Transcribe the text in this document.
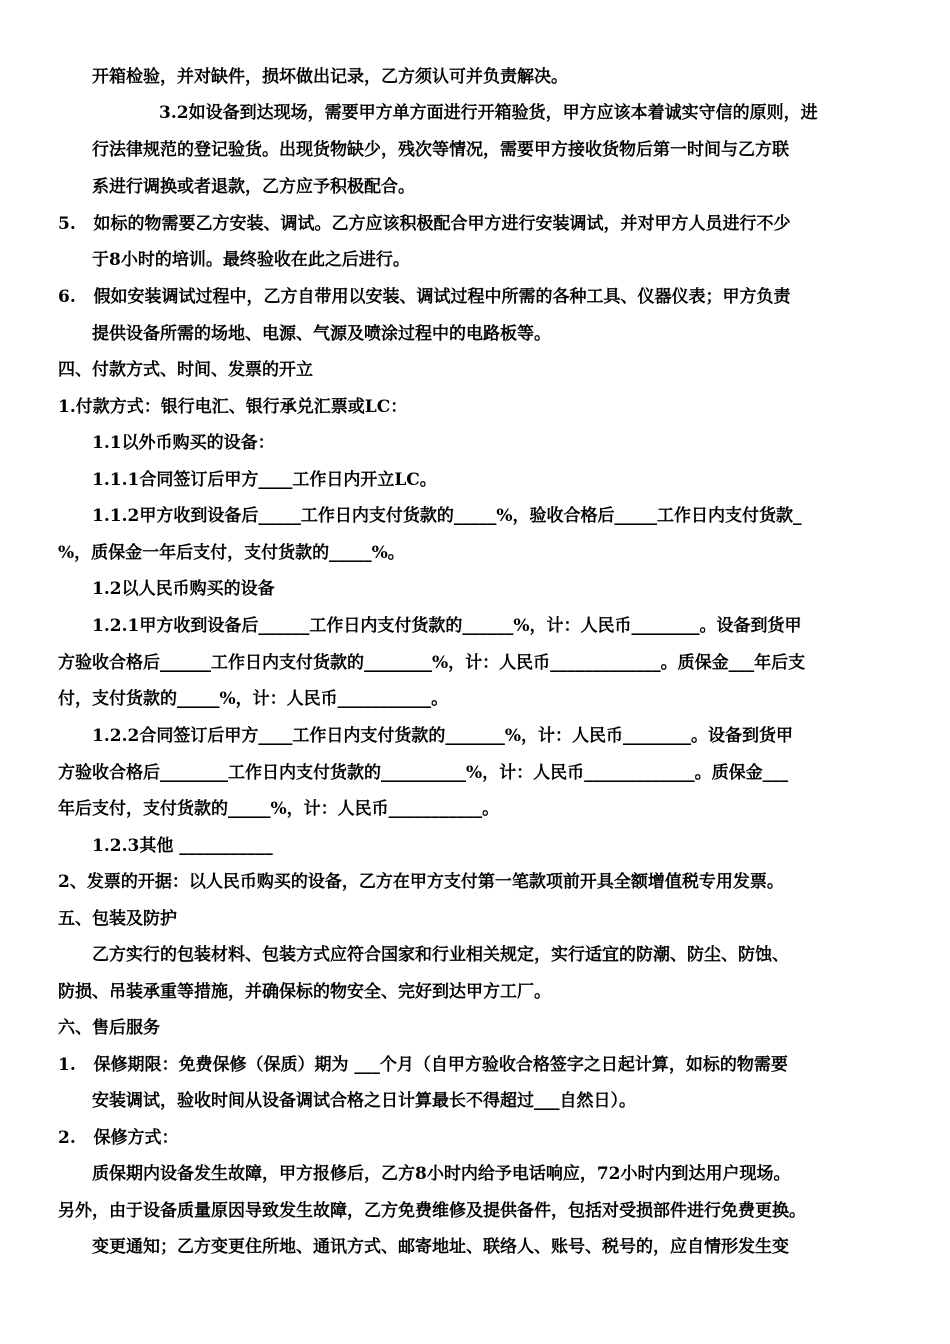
开箱检验，并对缺件，损坏做出记录，乙方须认可并负责解决。
3.2如设备到达现场，需要甲方单方面进行开箱验货，甲方应该本着诚实守信的原则，进
行法律规范的登记验货。出现货物缺少，残次等情况，需要甲方接收货物后第一时间与乙方联
系进行调换或者退款，乙方应予积极配合。
5.   如标的物需要乙方安装、调试。乙方应该积极配合甲方进行安装调试，并对甲方人员进行不少
于8小时的培训。最终验收在此之后进行。
6.   假如安装调试过程中，乙方自带用以安装、调试过程中所需的各种工具、仪器仪表；甲方负责
提供设备所需的场地、电源、气源及喷涂过程中的电路板等。
四、付款方式、时间、发票的开立
1.付款方式：银行电汇、银行承兑汇票或LC：
1.1以外币购买的设备：
1.1.1合同签订后甲方____工作日内开立LC。
1.1.2甲方收到设备后_____工作日内支付货款的_____%，验收合格后_____工作日内支付货款_
%，质保金一年后支付，支付货款的_____%。
1.2以人民币购买的设备
1.2.1甲方收到设备后______工作日内支付货款的______%，计：人民币________。设备到货甲
方验收合格后______工作日内支付货款的________%，计：人民币_____________。质保金___年后支
付，支付货款的_____%，计：人民币___________。
1.2.2合同签订后甲方____工作日内支付货款的_______%，计：人民币________。设备到货甲
方验收合格后________工作日内支付货款的__________%，计：人民币_____________。质保金___
年后支付，支付货款的_____%，计：人民币___________。
1.2.3其他 ___________
2、发票的开据：以人民币购买的设备，乙方在甲方支付第一笔款项前开具全额增值税专用发票。
五、包装及防护
乙方实行的包装材料、包装方式应符合国家和行业相关规定，实行适宜的防潮、防尘、防蚀、
防损、吊装承重等措施，并确保标的物安全、完好到达甲方工厂。
六、售后服务
1.   保修期限：免费保修（保质）期为 ___个月（自甲方验收合格签字之日起计算，如标的物需要
安装调试，验收时间从设备调试合格之日计算最长不得超过___自然日）。
2.   保修方式：
质保期内设备发生故障，甲方报修后，乙方8小时内给予电话响应，72小时内到达用户现场。
另外，由于设备质量原因导致发生故障，乙方免费维修及提供备件，包括对受损部件进行免费更换。
变更通知；乙方变更住所地、通讯方式、邮寄地址、联络人、账号、税号的，应自情形发生变
